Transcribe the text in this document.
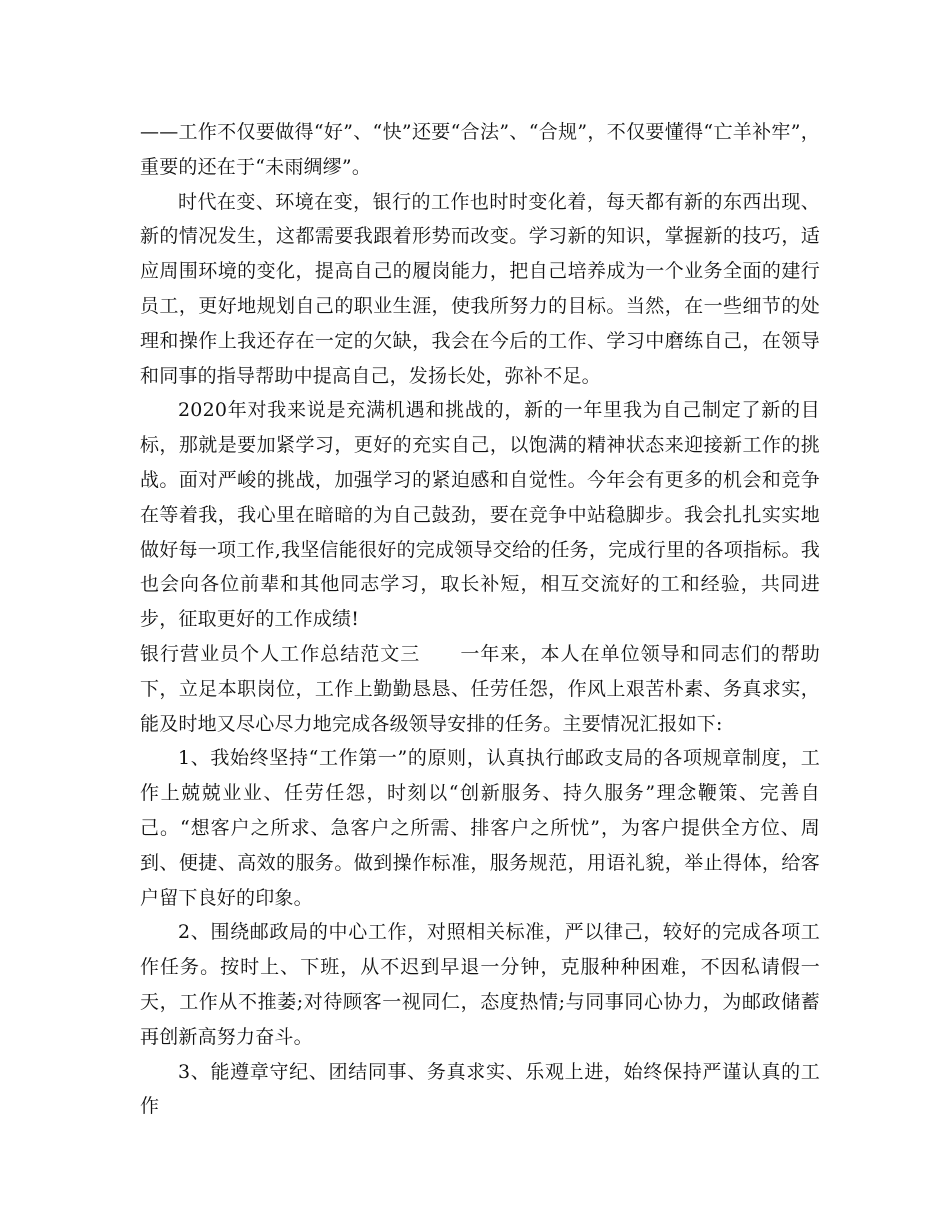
——工作不仅要做得“好”、“快”还要“合法”、“合规”，不仅要懂得“亡羊补牢”，重要的还在于“未雨绸缪”。

时代在变、环境在变，银行的工作也时时变化着，每天都有新的东西出现、新的情况发生，这都需要我跟着形势而改变。学习新的知识，掌握新的技巧，适应周围环境的变化，提高自己的履岗能力，把自己培养成为一个业务全面的建行员工，更好地规划自己的职业生涯，使我所努力的目标。当然，在一些细节的处理和操作上我还存在一定的欠缺，我会在今后的工作、学习中磨练自己，在领导和同事的指导帮助中提高自己，发扬长处，弥补不足。

2020年对我来说是充满机遇和挑战的，新的一年里我为自己制定了新的目标，那就是要加紧学习，更好的充实自己，以饱满的精神状态来迎接新工作的挑战。面对严峻的挑战，加强学习的紧迫感和自觉性。今年会有更多的机会和竞争在等着我，我心里在暗暗的为自己鼓劲，要在竞争中站稳脚步。我会扎扎实实地做好每一项工作,我坚信能很好的完成领导交给的任务，完成行里的各项指标。我也会向各位前辈和其他同志学习，取长补短，相互交流好的工和经验，共同进步，征取更好的工作成绩!

银行营业员个人工作总结范文三　　一年来，本人在单位领导和同志们的帮助下，立足本职岗位，工作上勤勤恳恳、任劳任怨，作风上艰苦朴素、务真求实，能及时地又尽心尽力地完成各级领导安排的任务。主要情况汇报如下:

1、我始终坚持“工作第一”的原则，认真执行邮政支局的各项规章制度，工作上兢兢业业、任劳任怨，时刻以“创新服务、持久服务”理念鞭策、完善自己。“想客户之所求、急客户之所需、排客户之所忧”，为客户提供全方位、周到、便捷、高效的服务。做到操作标准，服务规范，用语礼貌，举止得体，给客户留下良好的印象。

2、围绕邮政局的中心工作，对照相关标准，严以律己，较好的完成各项工作任务。按时上、下班，从不迟到早退一分钟，克服种种困难，不因私请假一天，工作从不推萎;对待顾客一视同仁，态度热情;与同事同心协力，为邮政储蓄再创新高努力奋斗。

3、能遵章守纪、团结同事、务真求实、乐观上进，始终保持严谨认真的工作
